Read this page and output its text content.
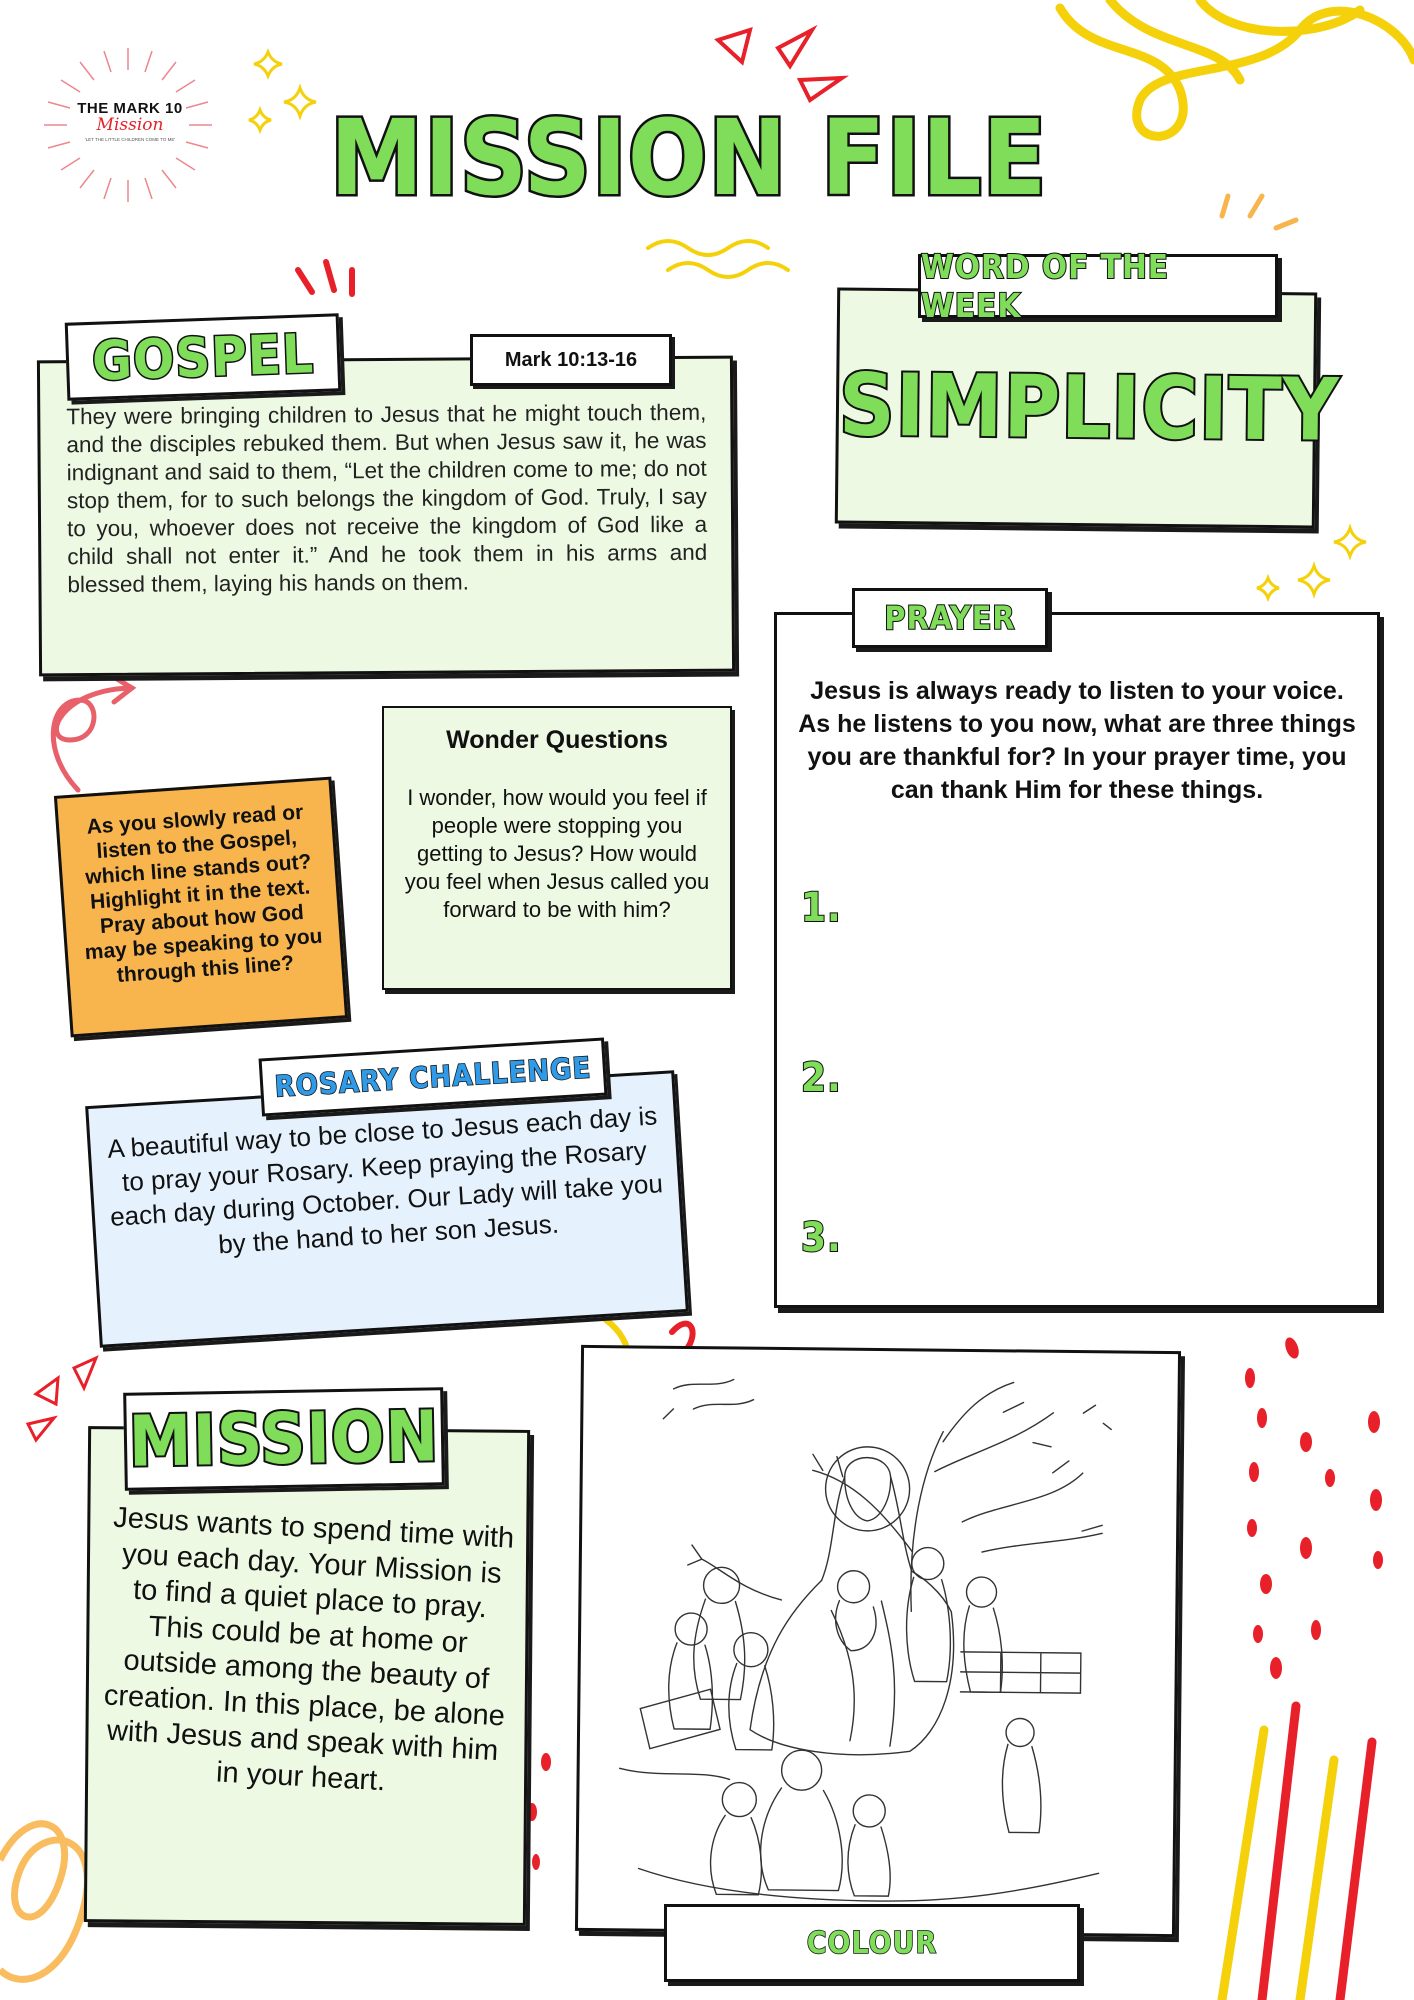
THE MARK 10
Mission
'LET THE LITTLE CHILDREN COME TO ME' MISSION FILE
They were bringing children to Jesus that he might touch them, and the disciples rebuked them. But when Jesus saw it, he was indignant and said to them, “Let the children come to me; do not stop them, for to such belongs the kingdom of God. Truly, I say to you, whoever does not receive the kingdom of God like a child shall not enter it.” And he took them in his arms and blessed them, laying his hands on them.
GOSPEL	Mark 10:13-16
As you slowly read or listen to the Gospel, which line stands out? Highlight it in the text. Pray about how God may be speaking to you through this line?
Wonder Questions
I wonder, how would you feel if people were stopping you getting to Jesus? How would you feel when Jesus called you forward to be with him?
SIMPLICITY
WORD OF THE WEEK
Jesus is always ready to listen to your voice. As he listens to you now, what are three things you are thankful for? In your prayer time, you can thank Him for these things.
1.
2.
3.
PRAYER
A beautiful way to be close to Jesus each day is to pray your Rosary. Keep praying the Rosary each day during October. Our Lady will take you by the hand to her son Jesus.
ROSARY CHALLENGE
Jesus wants to spend time with you each day. Your Mission is to find a quiet place to pray. This could be at home or outside among the beauty of creation. In this place, be alone with Jesus and speak with him in your heart.
MISSION
COLOUR
